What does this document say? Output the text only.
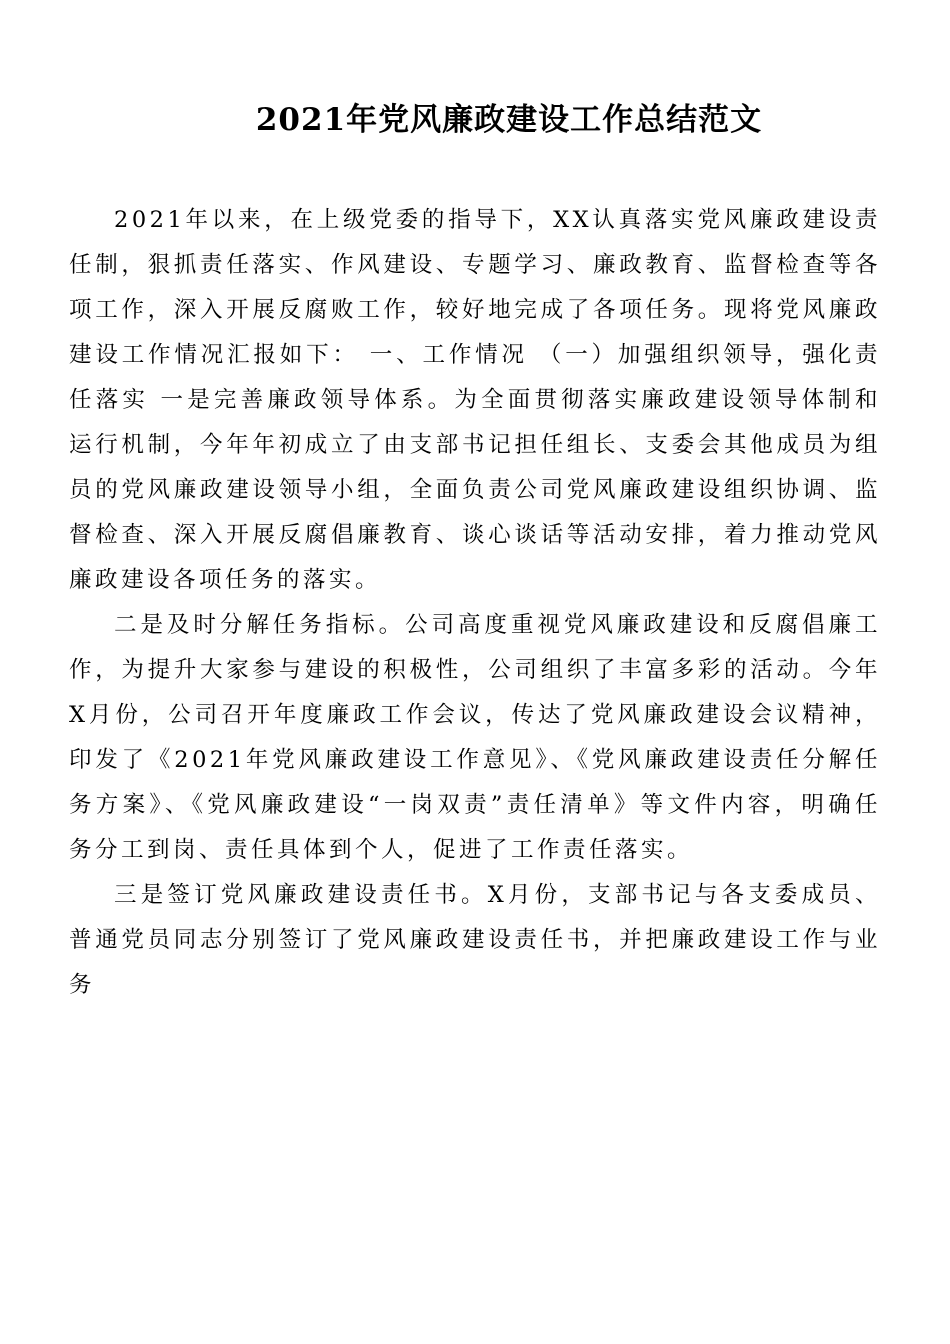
2021年党风廉政建设工作总结范文

2021年以来，在上级党委的指导下，XX认真落实党风廉政建设责任制，狠抓责任落实、作风建设、专题学习、廉政教育、监督检查等各项工作，深入开展反腐败工作，较好地完成了各项任务。现将党风廉政建设工作情况汇报如下： 一、工作情况 （一）加强组织领导，强化责任落实 一是完善廉政领导体系。为全面贯彻落实廉政建设领导体制和运行机制，今年年初成立了由支部书记担任组长、支委会其他成员为组员的党风廉政建设领导小组，全面负责公司党风廉政建设组织协调、监督检查、深入开展反腐倡廉教育、谈心谈话等活动安排，着力推动党风廉政建设各项任务的落实。

二是及时分解任务指标。公司高度重视党风廉政建设和反腐倡廉工作，为提升大家参与建设的积极性，公司组织了丰富多彩的活动。今年X月份，公司召开年度廉政工作会议，传达了党风廉政建设会议精神，印发了《2021年党风廉政建设工作意见》、《党风廉政建设责任分解任务方案》、《党风廉政建设“一岗双责”责任清单》等文件内容，明确任务分工到岗、责任具体到个人，促进了工作责任落实。

三是签订党风廉政建设责任书。X月份，支部书记与各支委成员、普通党员同志分别签订了党风廉政建设责任书，并把廉政建设工作与业务
